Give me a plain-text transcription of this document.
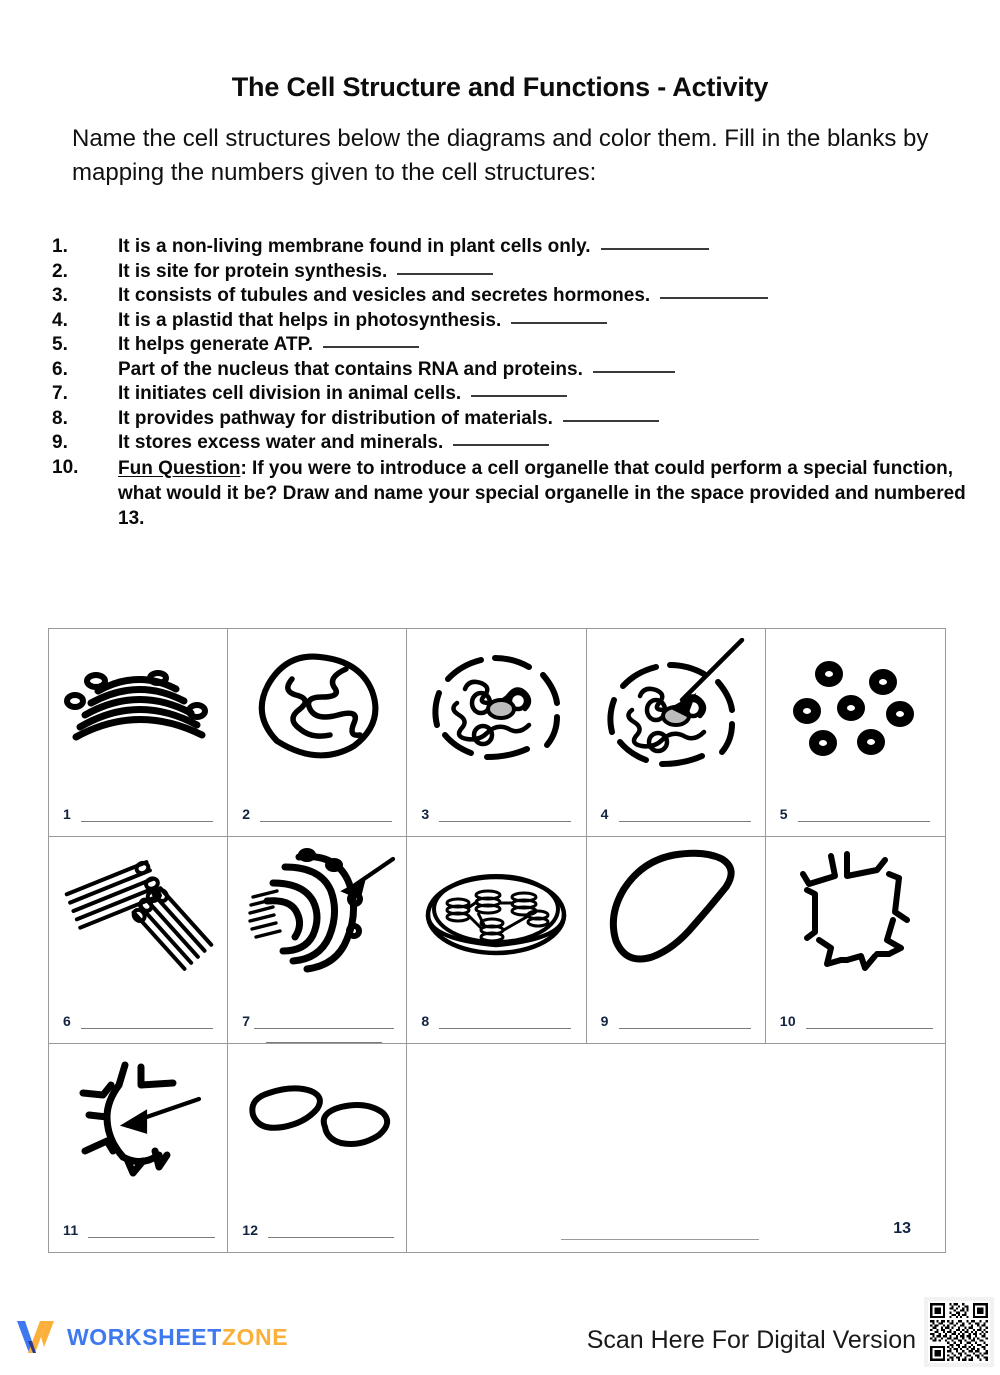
The Cell Structure and Functions - Activity
Name the cell structures below the diagrams and color them. Fill in the blanks by mapping the numbers given to the cell structures:
1.	It is a non-living membrane found in plant cells only.
2.	It is site for protein synthesis.
3.	It consists of tubules and vesicles and secretes hormones.
4.	It is a plastid that helps in photosynthesis.
5.	It helps generate ATP.
6.	Part of the nucleus that contains RNA and proteins.
7.	It initiates cell division in animal cells.
8.	It provides pathway for distribution of materials.
9.	It stores excess water and minerals.
10.	Fun Question: If you were to introduce a cell organelle that could perform a special function, what would it be? Draw and name your special organelle in the space provided and numbered 13.
1	2	3	4	5
6	7	8	9	10
11	12	13
WORKSHEETZONE	Scan Here For Digital Version
